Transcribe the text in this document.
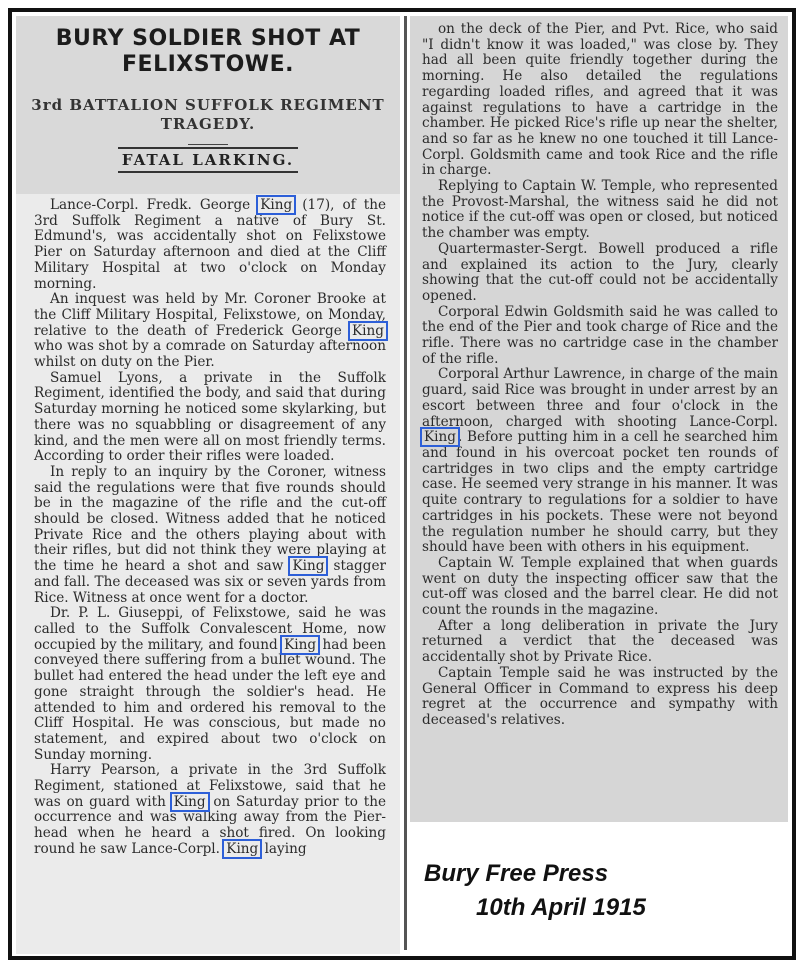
BURY SOLDIER SHOT AT FELIXSTOWE.
3rd BATTALION SUFFOLK REGIMENT TRAGEDY.
FATAL LARKING.

Lance-Corpl. Fredk. George King (17), of the 3rd Suffolk Regiment a native of Bury St. Edmund's, was accidentally shot on Felixstowe Pier on Saturday afternoon and died at the Cliff Military Hospital at two o'clock on Monday morning.

An inquest was held by Mr. Coroner Brooke at the Cliff Military Hospital, Felixstowe, on Monday, relative to the death of Frederick George King who was shot by a comrade on Saturday afternoon whilst on duty on the Pier.

Samuel Lyons, a private in the Suffolk Regiment, identified the body, and said that during Saturday morning he noticed some skylarking, but there was no squabbling or disagreement of any kind, and the men were all on most friendly terms. According to order their rifles were loaded.

In reply to an inquiry by the Coroner, witness said the regulations were that five rounds should be in the magazine of the rifle and the cut-off should be closed. Witness added that he noticed Private Rice and the others playing about with their rifles, but did not think they were playing at the time he heard a shot and saw King stagger and fall. The deceased was six or seven yards from Rice. Witness at once went for a doctor.

Dr. P. L. Giuseppi, of Felixstowe, said he was called to the Suffolk Convalescent Home, now occupied by the military, and found King had been conveyed there suffering from a bullet wound. The bullet had entered the head under the left eye and gone straight through the soldier's head. He attended to him and ordered his removal to the Cliff Hospital. He was conscious, but made no statement, and expired about two o'clock on Sunday morning.

Harry Pearson, a private in the 3rd Suffolk Regiment, stationed at Felixstowe, said that he was on guard with King on Saturday prior to the occurrence and was walking away from the Pier-head when he heard a shot fired. On looking round he saw Lance-Corpl. King laying

on the deck of the Pier, and Pvt. Rice, who said "I didn't know it was loaded," was close by. They had all been quite friendly together during the morning. He also detailed the regulations regarding loaded rifles, and agreed that it was against regulations to have a cartridge in the chamber. He picked Rice's rifle up near the shelter, and so far as he knew no one touched it till Lance-Corpl. Goldsmith came and took Rice and the rifle in charge.

Replying to Captain W. Temple, who represented the Provost-Marshal, the witness said he did not notice if the cut-off was open or closed, but noticed the chamber was empty.

Quartermaster-Sergt. Bowell produced a rifle and explained its action to the Jury, clearly showing that the cut-off could not be accidentally opened.

Corporal Edwin Goldsmith said he was called to the end of the Pier and took charge of Rice and the rifle. There was no cartridge case in the chamber of the rifle.

Corporal Arthur Lawrence, in charge of the main guard, said Rice was brought in under arrest by an escort between three and four o'clock in the afternoon, charged with shooting Lance-Corpl. King . Before putting him in a cell he searched him and found in his overcoat pocket ten rounds of cartridges in two clips and the empty cartridge case. He seemed very strange in his manner. It was quite contrary to regulations for a soldier to have cartridges in his pockets. These were not beyond the regulation number he should carry, but they should have been with others in his equipment.

Captain W. Temple explained that when guards went on duty the inspecting officer saw that the cut-off was closed and the barrel clear. He did not count the rounds in the magazine.

After a long deliberation in private the Jury returned a verdict that the deceased was accidentally shot by Private Rice.

Captain Temple said he was instructed by the General Officer in Command to express his deep regret at the occurrence and sympathy with deceased's relatives.

Bury Free Press
10th April 1915
